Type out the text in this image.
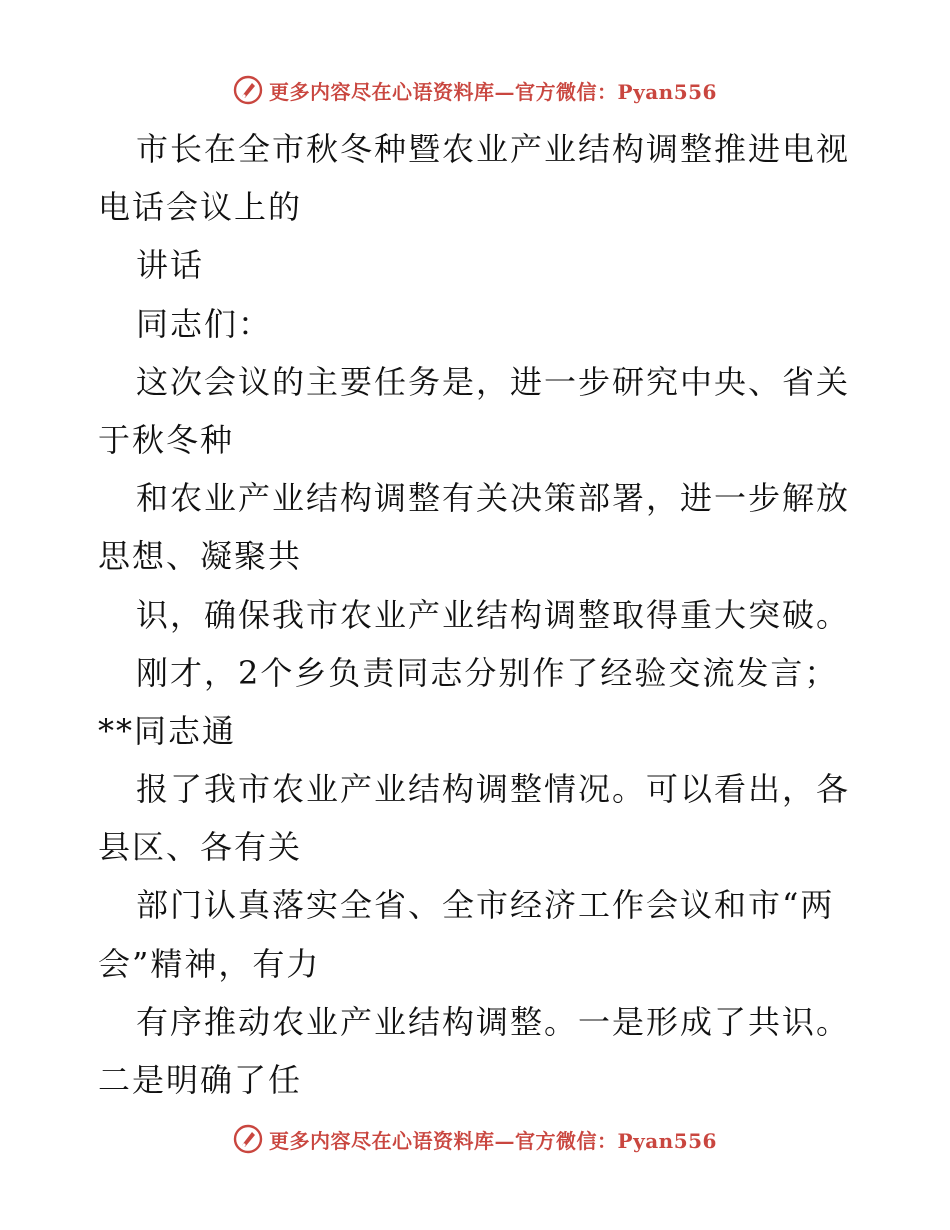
更多内容尽在心语资料库—官方微信：Pyan556
市长在全市秋冬种暨农业产业结构调整推进电视
电话会议上的
讲话
同志们：
这次会议的主要任务是，进一步研究中央、省关
于秋冬种
和农业产业结构调整有关决策部署，进一步解放
思想、凝聚共
识，确保我市农业产业结构调整取得重大突破。
刚才，2个乡负责同志分别作了经验交流发言；
**同志通
报了我市农业产业结构调整情况。可以看出，各
县区、各有关
部门认真落实全省、全市经济工作会议和市“两
会”精神，有力
有序推动农业产业结构调整。一是形成了共识。
二是明确了任
更多内容尽在心语资料库—官方微信：Pyan556
